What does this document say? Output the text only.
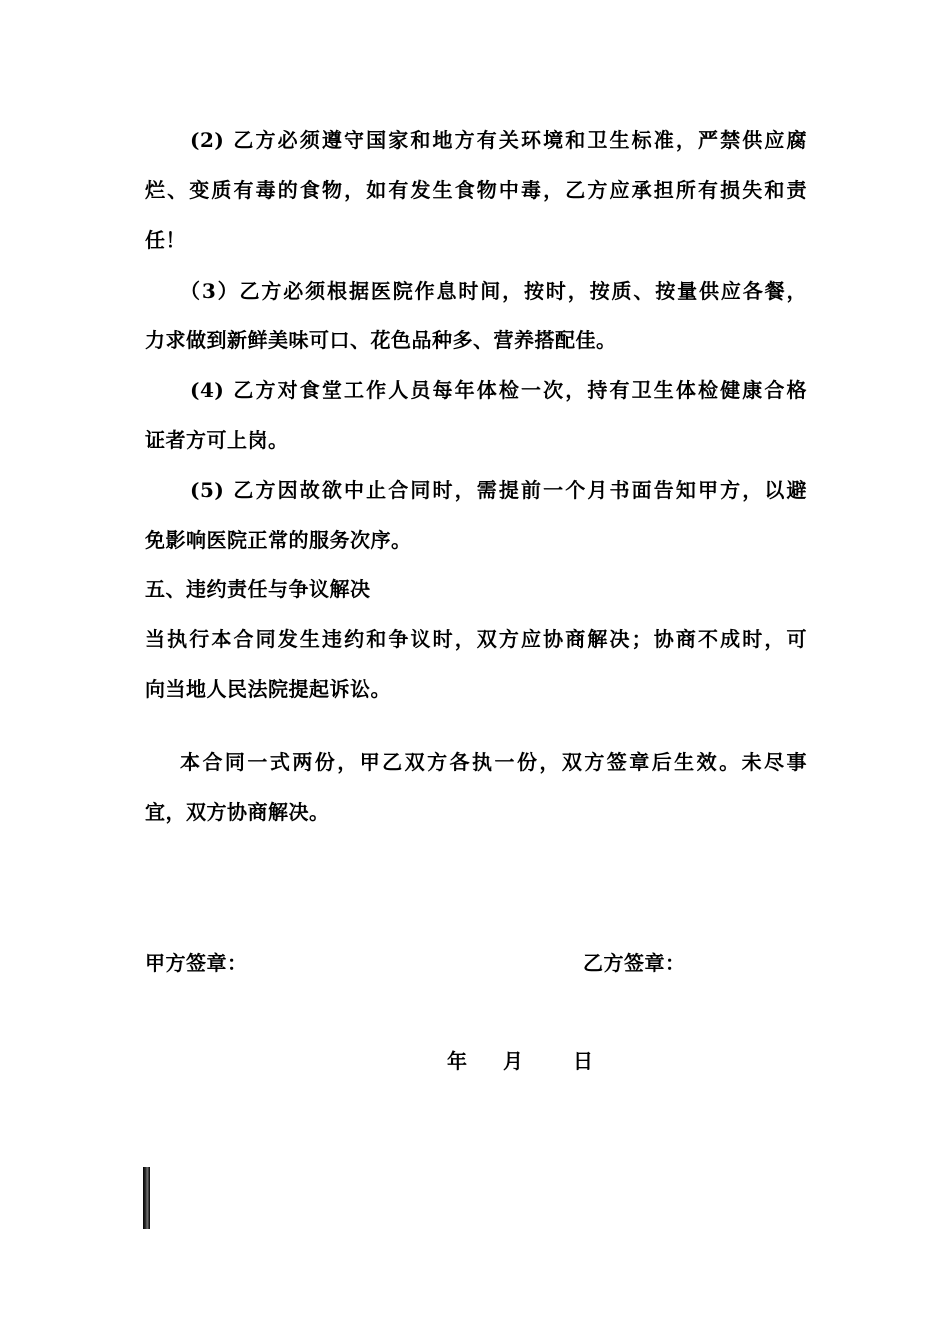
(2) 乙方必须遵守国家和地方有关环境和卫生标准，严禁供应腐
烂、变质有毒的食物，如有发生食物中毒，乙方应承担所有损失和责
任！
（3）乙方必须根据医院作息时间，按时，按质、按量供应各餐，
力求做到新鲜美味可口、花色品种多、营养搭配佳。
(4) 乙方对食堂工作人员每年体检一次，持有卫生体检健康合格
证者方可上岗。
(5) 乙方因故欲中止合同时，需提前一个月书面告知甲方，以避
免影响医院正常的服务次序。
五、违约责任与争议解决
当执行本合同发生违约和争议时，双方应协商解决；协商不成时，可
向当地人民法院提起诉讼。
本合同一式两份，甲乙双方各执一份，双方签章后生效。未尽事
宜，双方协商解决。
甲方签章：	乙方签章：
年 月 日
